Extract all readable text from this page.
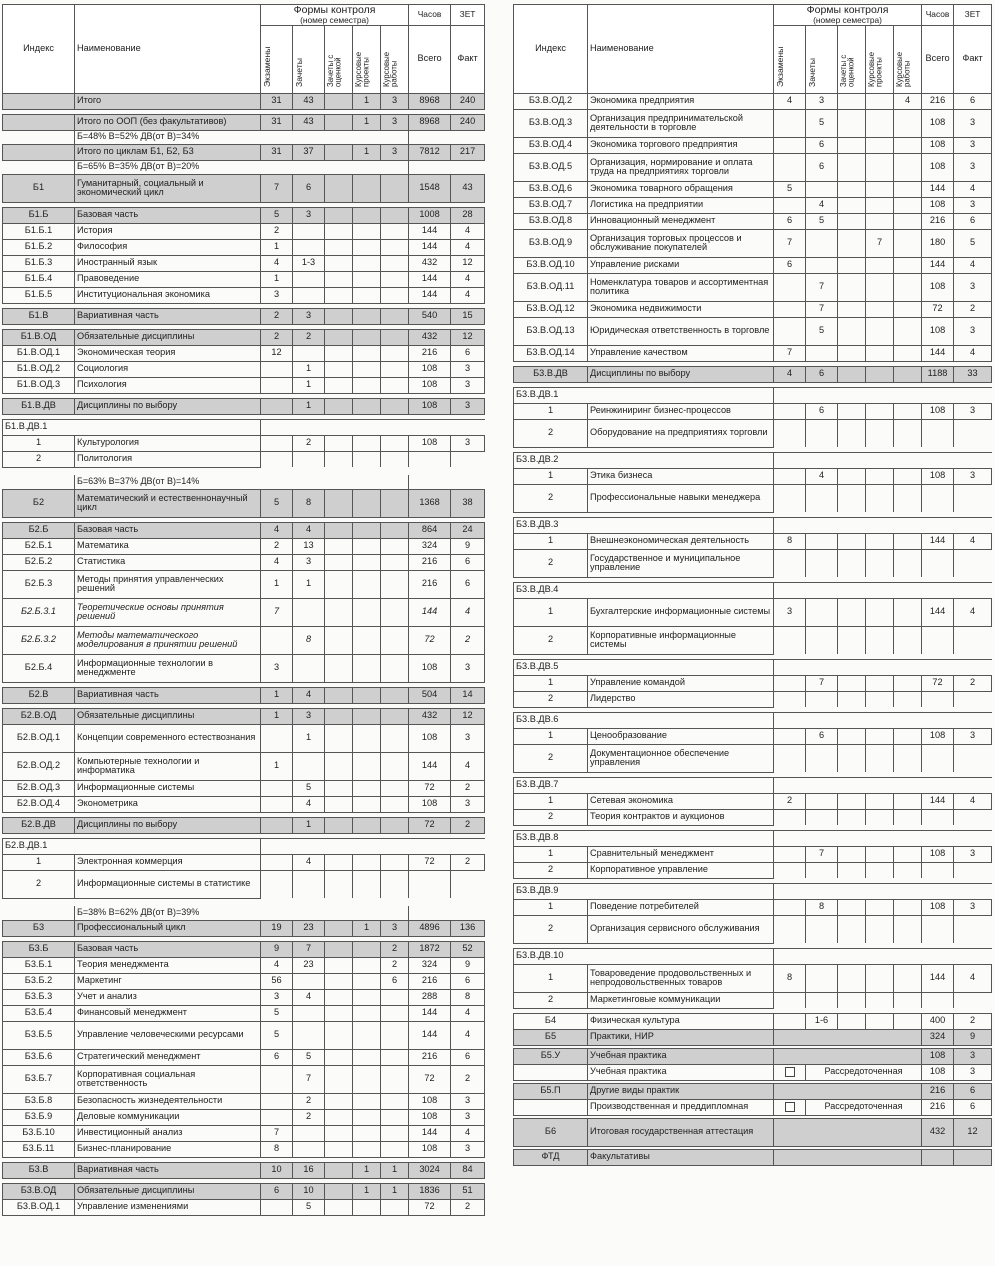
Индекс	Наименование	Формы контроля
(номер семестра)					Часов	ЗЕТ

		Экзамены	Зачеты	Зачеты с оценкой	Курсовые проекты	Курсовые работы	Всего	Факт
	Итого	31	43		1	3	8968	240

	Итого по ООП (без факультативов)	31	43		1	3	8968	240
	Б=48% В=52% ДВ(от В)=34%							
	Итого по циклам Б1, Б2, Б3	31	37		1	3	7812	217
	Б=65% В=35% ДВ(от В)=20%							
Б1	Гуманитарный, социальный и экономический цикл	7	6				1548	43

Б1.Б	Базовая часть	5	3				1008	28
Б1.Б.1	История	2					144	4
Б1.Б.2	Философия	1					144	4
Б1.Б.3	Иностранный язык	4	1-3				432	12
Б1.Б.4	Правоведение	1					144	4
Б1.Б.5	Институциональная экономика	3					144	4

Б1.В	Вариативная часть	2	3				540	15

Б1.В.ОД	Обязательные дисциплины	2	2				432	12
Б1.В.ОД.1	Экономическая теория	12					216	6
Б1.В.ОД.2	Социология		1				108	3
Б1.В.ОД.3	Психология		1				108	3

Б1.В.ДВ	Дисциплины по выбору		1				108	3

Б1.В.ДВ.1								
1	Культурология		2				108	3
2	Политология							

	Б=63% В=37% ДВ(от В)=14%							
Б2	Математический и естественнонаучный цикл	5	8				1368	38

Б2.Б	Базовая часть	4	4				864	24
Б2.Б.1	Математика	2	13				324	9
Б2.Б.2	Статистика	4	3				216	6
Б2.Б.3	Методы принятия управленческих решений	1	1				216	6
Б2.Б.3.1	Теоретические основы принятия решений	7					144	4
Б2.Б.3.2	Методы математического моделирования в принятии решений		8				72	2
Б2.Б.4	Информационные технологии в менеджменте	3					108	3

Б2.В	Вариативная часть	1	4				504	14

Б2.В.ОД	Обязательные дисциплины	1	3				432	12
Б2.В.ОД.1	Концепции современного естествознания		1				108	3
Б2.В.ОД.2	Компьютерные технологии и информатика	1					144	4
Б2.В.ОД.3	Информационные системы		5				72	2
Б2.В.ОД.4	Эконометрика		4				108	3

Б2.В.ДВ	Дисциплины по выбору		1				72	2

Б2.В.ДВ.1								
1	Электронная коммерция		4				72	2
2	Информационные системы в статистике							

	Б=38% В=62% ДВ(от В)=39%							
Б3	Профессиональный цикл	19	23		1	3	4896	136

Б3.Б	Базовая часть	9	7			2	1872	52
Б3.Б.1	Теория менеджмента	4	23			2	324	9
Б3.Б.2	Маркетинг	56				6	216	6
Б3.Б.3	Учет и анализ	3	4				288	8
Б3.Б.4	Финансовый менеджмент	5					144	4
Б3.Б.5	Управление человеческими ресурсами	5					144	4
Б3.Б.6	Стратегический менеджмент	6	5				216	6
Б3.Б.7	Корпоративная социальная ответственность		7				72	2
Б3.Б.8	Безопасность жизнедеятельности		2				108	3
Б3.Б.9	Деловые коммуникации		2				108	3
Б3.Б.10	Инвестиционный анализ	7					144	4
Б3.Б.11	Бизнес-планирование	8					108	3

Б3.В	Вариативная часть	10	16		1	1	3024	84

Б3.В.ОД	Обязательные дисциплины	6	10		1	1	1836	51
Б3.В.ОД.1	Управление изменениями		5				72	2
Индекс	Наименование	Формы контроля
(номер семестра)					Часов	ЗЕТ

		Экзамены	Зачеты	Зачеты с оценкой	Курсовые проекты	Курсовые работы	Всего	Факт
Б3.В.ОД.2	Экономика предприятия	4	3			4	216	6
Б3.В.ОД.3	Организация предпринимательской деятельности в торговле		5				108	3
Б3.В.ОД.4	Экономика торгового предприятия		6				108	3
Б3.В.ОД.5	Организация, нормирование и оплата труда на предприятиях торговли		6				108	3
Б3.В.ОД.6	Экономика товарного обращения	5					144	4
Б3.В.ОД.7	Логистика на предприятии		4				108	3
Б3.В.ОД.8	Инновационный менеджмент	6	5				216	6
Б3.В.ОД.9	Организация торговых процессов и обслуживание покупателей	7			7		180	5
Б3.В.ОД.10	Управление рисками	6					144	4
Б3.В.ОД.11	Номенклатура товаров и ассортиментная политика		7				108	3
Б3.В.ОД.12	Экономика недвижимости		7				72	2
Б3.В.ОД.13	Юридическая ответственность в торговле		5				108	3
Б3.В.ОД.14	Управление качеством	7					144	4

Б3.В.ДВ	Дисциплины по выбору	4	6				1188	33

Б3.В.ДВ.1								
1	Реинжиниринг бизнес-процессов		6				108	3
2	Оборудование на предприятиях торговли							

Б3.В.ДВ.2								
1	Этика бизнеса		4				108	3
2	Профессиональные навыки менеджера							

Б3.В.ДВ.3								
1	Внешнеэкономическая деятельность	8					144	4
2	Государственное и муниципальное управление							

Б3.В.ДВ.4								
1	Бухгалтерские информационные системы	3					144	4
2	Корпоративные информационные системы							

Б3.В.ДВ.5								
1	Управление командой		7				72	2
2	Лидерство							

Б3.В.ДВ.6								
1	Ценообразование		6				108	3
2	Документационное обеспечение управления							

Б3.В.ДВ.7								
1	Сетевая экономика	2					144	4
2	Теория контрактов и аукционов							

Б3.В.ДВ.8								
1	Сравнительный менеджмент		7				108	3
2	Корпоративное управление							

Б3.В.ДВ.9								
1	Поведение потребителей		8				108	3
2	Организация сервисного обслуживания							

Б3.В.ДВ.10								
1	Товароведение продовольственных и непродовольственных товаров	8					144	4
2	Маркетинговые коммуникации							

Б4	Физическая культура		1-6				400	2
Б5	Практики, НИР						324	9

Б5.У	Учебная практика						108	3
	Учебная практика		Рассредоточенная				108	3

Б5.П	Другие виды практик						216	6
	Производственная и преддипломная		Рассредоточенная				216	6

Б6	Итоговая государственная аттестация						432	12

ФТД	Факультативы							
